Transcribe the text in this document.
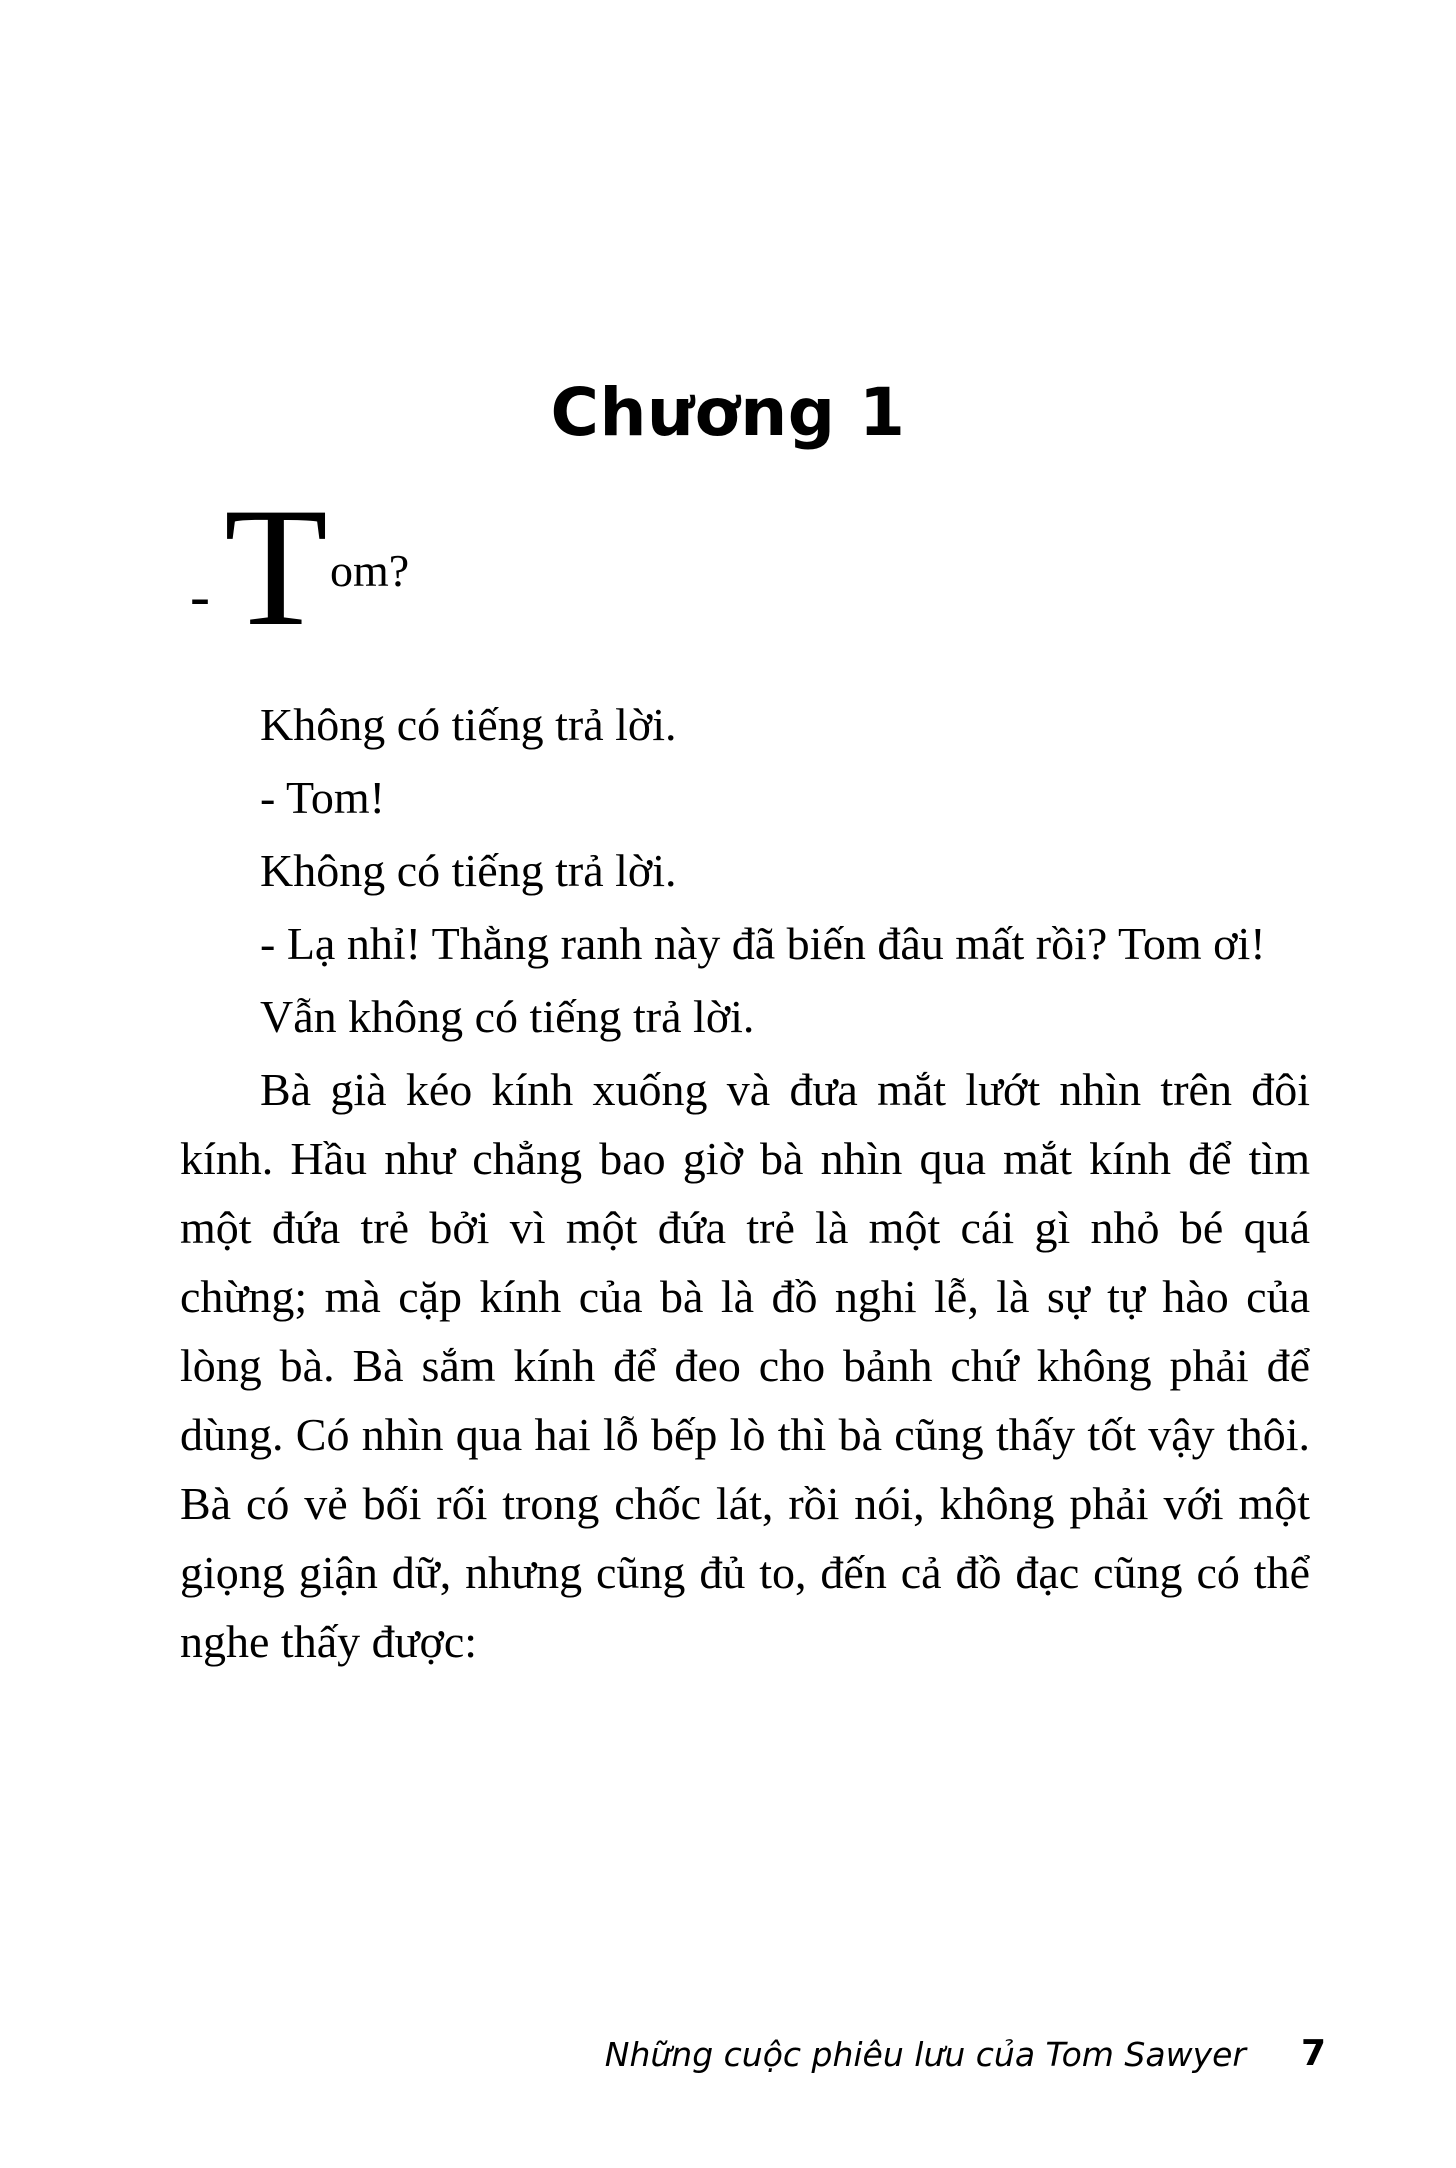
Chương 1
- T om?

Không có tiếng trả lời.

- Tom!

Không có tiếng trả lời.

- Lạ nhỉ! Thằng ranh này đã biến đâu mất rồi? Tom ơi!

Vẫn không có tiếng trả lời.

Bà già kéo kính xuống và đưa mắt lướt nhìn trên đôi kính. Hầu như chẳng bao giờ bà nhìn qua mắt kính để tìm một đứa trẻ bởi vì một đứa trẻ là một cái gì nhỏ bé quá chừng; mà cặp kính của bà là đồ nghi lễ, là sự tự hào của lòng bà. Bà sắm kính để đeo cho bảnh chứ không phải để dùng. Có nhìn qua hai lỗ bếp lò thì bà cũng thấy tốt vậy thôi. Bà có vẻ bối rối trong chốc lát, rồi nói, không phải với một giọng giận dữ, nhưng cũng đủ to, đến cả đồ đạc cũng có thể nghe thấy được:

Những cuộc phiêu lưu của Tom Sawyer 7
